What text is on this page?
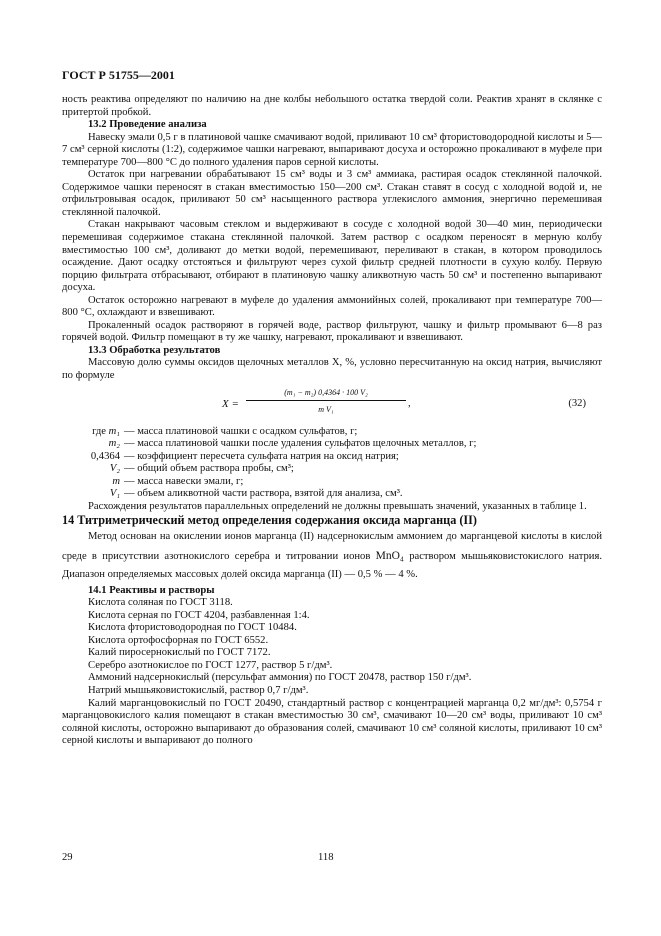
ГОСТ Р 51755—2001

ность реактива определяют по наличию на дне колбы небольшого остатка твердой соли. Реактив хранят в склянке с притертой пробкой.

13.2 Проведение анализа

Навеску эмали 0,5 г в платиновой чашке смачивают водой, приливают 10 см³ фтористоводородной кислоты и 5—7 см³ серной кислоты (1:2), содержимое чашки нагревают, выпаривают досуха и осторожно прокаливают в муфеле при температуре 700—800 °С до полного удаления паров серной кислоты.

Остаток при нагревании обрабатывают 15 см³ воды и 3 см³ аммиака, растирая осадок стеклянной палочкой. Содержимое чашки переносят в стакан вместимостью 150—200 см³. Стакан ставят в сосуд с холодной водой и, не отфильтровывая осадок, приливают 50 см³ насыщенного раствора углекислого аммония, энергично перемешивая стеклянной палочкой.

Стакан накрывают часовым стеклом и выдерживают в сосуде с холодной водой 30—40 мин, периодически перемешивая содержимое стакана стеклянной палочкой. Затем раствор с осадком переносят в мерную колбу вместимостью 100 см³, доливают до метки водой, перемешивают, переливают в стакан, в котором проводилось осаждение. Дают осадку отстояться и фильтруют через сухой фильтр средней плотности в сухую колбу. Первую порцию фильтрата отбрасывают, отбирают в платиновую чашку аликвотную часть 50 см³ и постепенно выпаривают досуха.

Остаток осторожно нагревают в муфеле до удаления аммонийных солей, прокаливают при температуре 700—800 °С, охлаждают и взвешивают.

Прокаленный осадок растворяют в горячей воде, раствор фильтруют, чашку и фильтр промывают 6—8 раз горячей водой. Фильтр помещают в ту же чашку, нагревают, прокаливают и взвешивают.

13.3 Обработка результатов

Массовую долю суммы оксидов щелочных металлов X, %, условно пересчитанную на оксид натрия, вычисляют по формуле

$X = \frac{\text{(m₁ − m₂) 0,4364 · 100 V₂}}{\text{m V₁}}$ ,	(32)
где m₁ — масса платиновой чашки с осадком сульфатов, г;
m₂ — масса платиновой чашки после удаления сульфатов щелочных металлов, г;
0,4364 — коэффициент пересчета сульфата натрия на оксид натрия;
V₂ — общий объем раствора пробы, см³;
m — масса навески эмали, г;
V₁ — объем аликвотной части раствора, взятой для анализа, см³.

Расхождения результатов параллельных определений не должны превышать значений, указанных в таблице 1.

14 Титриметрический метод определения содержания оксида марганца (II)

Метод основан на окислении ионов марганца (II) надсернокислым аммонием до марганцевой кислоты в кислой среде в присутствии азотнокислого серебра и титровании ионов MnO₄ раствором мышьяковистокислого натрия. Диапазон определяемых массовых долей оксида марганца (II) — 0,5 % — 4 %.

14.1 Реактивы и растворы

Кислота соляная по ГОСТ 3118.

Кислота серная по ГОСТ 4204, разбавленная 1:4.

Кислота фтористоводородная по ГОСТ 10484.

Кислота ортофосфорная по ГОСТ 6552.

Калий пиросернокислый по ГОСТ 7172.

Серебро азотнокислое по ГОСТ 1277, раствор 5 г/дм³.

Аммоний надсернокислый (персульфат аммония) по ГОСТ 20478, раствор 150 г/дм³.

Натрий мышьяковистокислый, раствор 0,7 г/дм³.

Калий марганцовокислый по ГОСТ 20490, стандартный раствор с концентрацией марганца 0,2 мг/дм³: 0,5754 г марганцовокислого калия помещают в стакан вместимостью 30 см³, смачивают 10—20 см³ воды, приливают 10 см³ соляной кислоты, осторожно выпаривают до образования солей, смачивают 10 см³ соляной кислоты, приливают 10 см³ серной кислоты и выпаривают до полного

29	118
